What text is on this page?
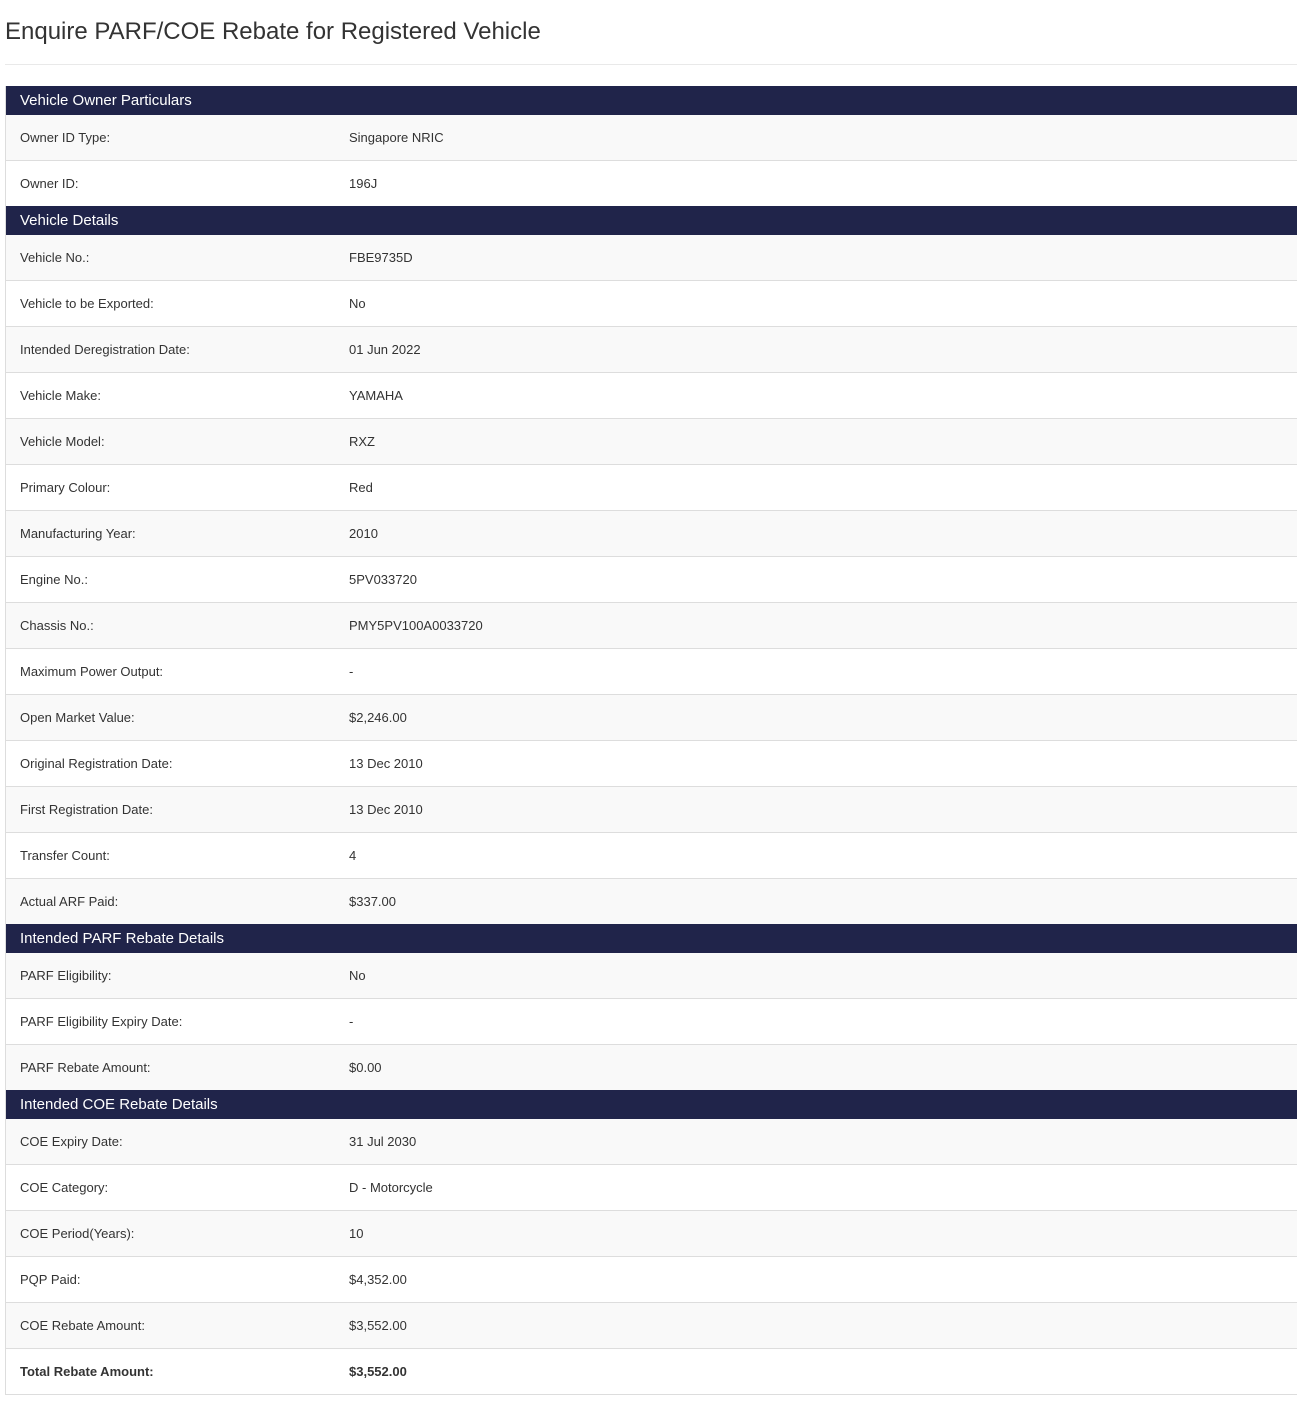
Enquire PARF/COE Rebate for Registered Vehicle
Vehicle Owner Particulars
Owner ID Type:	Singapore NRIC
Owner ID:	196J
Vehicle Details
Vehicle No.:	FBE9735D
Vehicle to be Exported:	No
Intended Deregistration Date:	01 Jun 2022
Vehicle Make:	YAMAHA
Vehicle Model:	RXZ
Primary Colour:	Red
Manufacturing Year:	2010
Engine No.:	5PV033720
Chassis No.:	PMY5PV100A0033720
Maximum Power Output:	-
Open Market Value:	$2,246.00
Original Registration Date:	13 Dec 2010
First Registration Date:	13 Dec 2010
Transfer Count:	4
Actual ARF Paid:	$337.00
Intended PARF Rebate Details
PARF Eligibility:	No
PARF Eligibility Expiry Date:	-
PARF Rebate Amount:	$0.00
Intended COE Rebate Details
COE Expiry Date:	31 Jul 2030
COE Category:	D - Motorcycle
COE Period(Years):	10
PQP Paid:	$4,352.00
COE Rebate Amount:	$3,552.00
Total Rebate Amount:	$3,552.00
